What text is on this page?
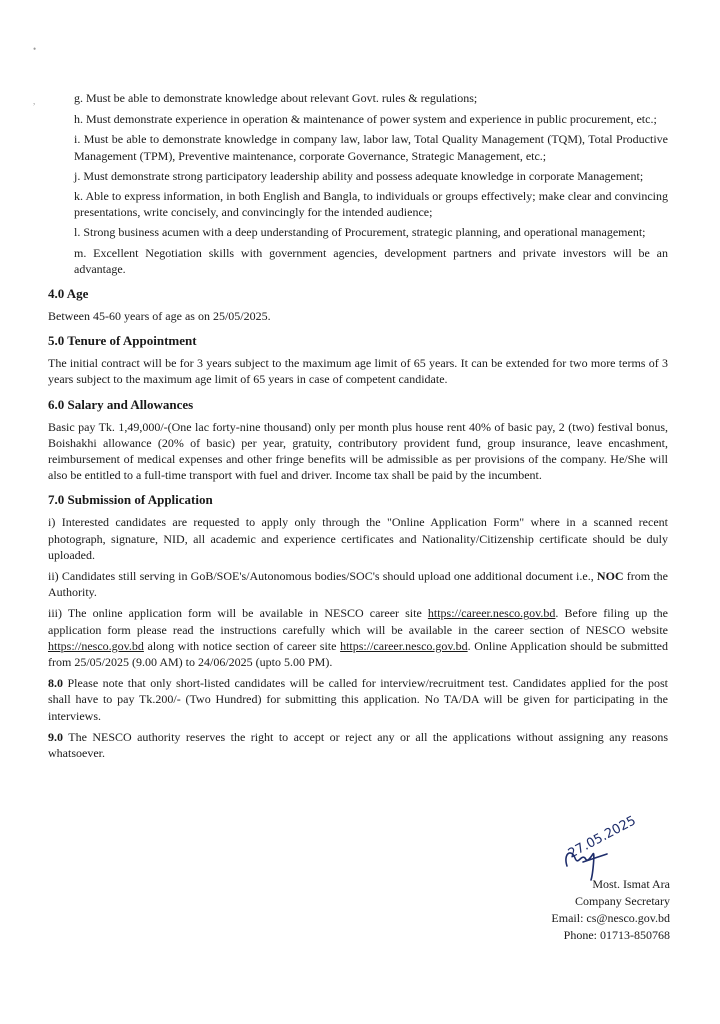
•
,	g. Must be able to demonstrate knowledge about relevant Govt. rules & regulations;

h. Must demonstrate experience in operation & maintenance of power system and experience in public procurement, etc.;

i. Must be able to demonstrate knowledge in company law, labor law, Total Quality Management (TQM), Total Productive Management (TPM), Preventive maintenance, corporate Governance, Strategic Management, etc.;

j. Must demonstrate strong participatory leadership ability and possess adequate knowledge in corporate Management;

k. Able to express information, in both English and Bangla, to individuals or groups effectively; make clear and convincing presentations, write concisely, and convincingly for the intended audience;

l. Strong business acumen with a deep understanding of Procurement, strategic planning, and operational management;

m. Excellent Negotiation skills with government agencies, development partners and private investors will be an advantage.

4.0 Age

Between 45-60 years of age as on 25/05/2025.

5.0 Tenure of Appointment

The initial contract will be for 3 years subject to the maximum age limit of 65 years. It can be extended for two more terms of 3 years subject to the maximum age limit of 65 years in case of competent candidate.

6.0 Salary and Allowances

Basic pay Tk. 1,49,000/-(One lac forty-nine thousand) only per month plus house rent 40% of basic pay, 2 (two) festival bonus, Boishakhi allowance (20% of basic) per year, gratuity, contributory provident fund, group insurance, leave encashment, reimbursement of medical expenses and other fringe benefits will be admissible as per provisions of the company. He/She will also be entitled to a full-time transport with fuel and driver. Income tax shall be paid by the incumbent.

7.0 Submission of Application

i) Interested candidates are requested to apply only through the "Online Application Form" where in a scanned recent photograph, signature, NID, all academic and experience certificates and Nationality/Citizenship certificate should be duly uploaded.

ii) Candidates still serving in GoB/SOE's/Autonomous bodies/SOC's should upload one additional document i.e., NOC from the Authority.

iii) The online application form will be available in NESCO career site https://career.nesco.gov.bd. Before filing up the application form please read the instructions carefully which will be available in the career section of NESCO website https://nesco.gov.bd along with notice section of career site https://career.nesco.gov.bd. Online Application should be submitted from 25/05/2025 (9.00 AM) to 24/06/2025 (upto 5.00 PM).

8.0 Please note that only short-listed candidates will be called for interview/recruitment test. Candidates applied for the post shall have to pay Tk.200/- (Two Hundred) for submitting this application. No TA/DA will be given for participating in the interviews.

9.0 The NESCO authority reserves the right to accept or reject any or all the applications without assigning any reasons whatsoever.

27.05.2025
Most. Ismat Ara
Company Secretary
Email: cs@nesco.gov.bd
Phone: 01713-850768
